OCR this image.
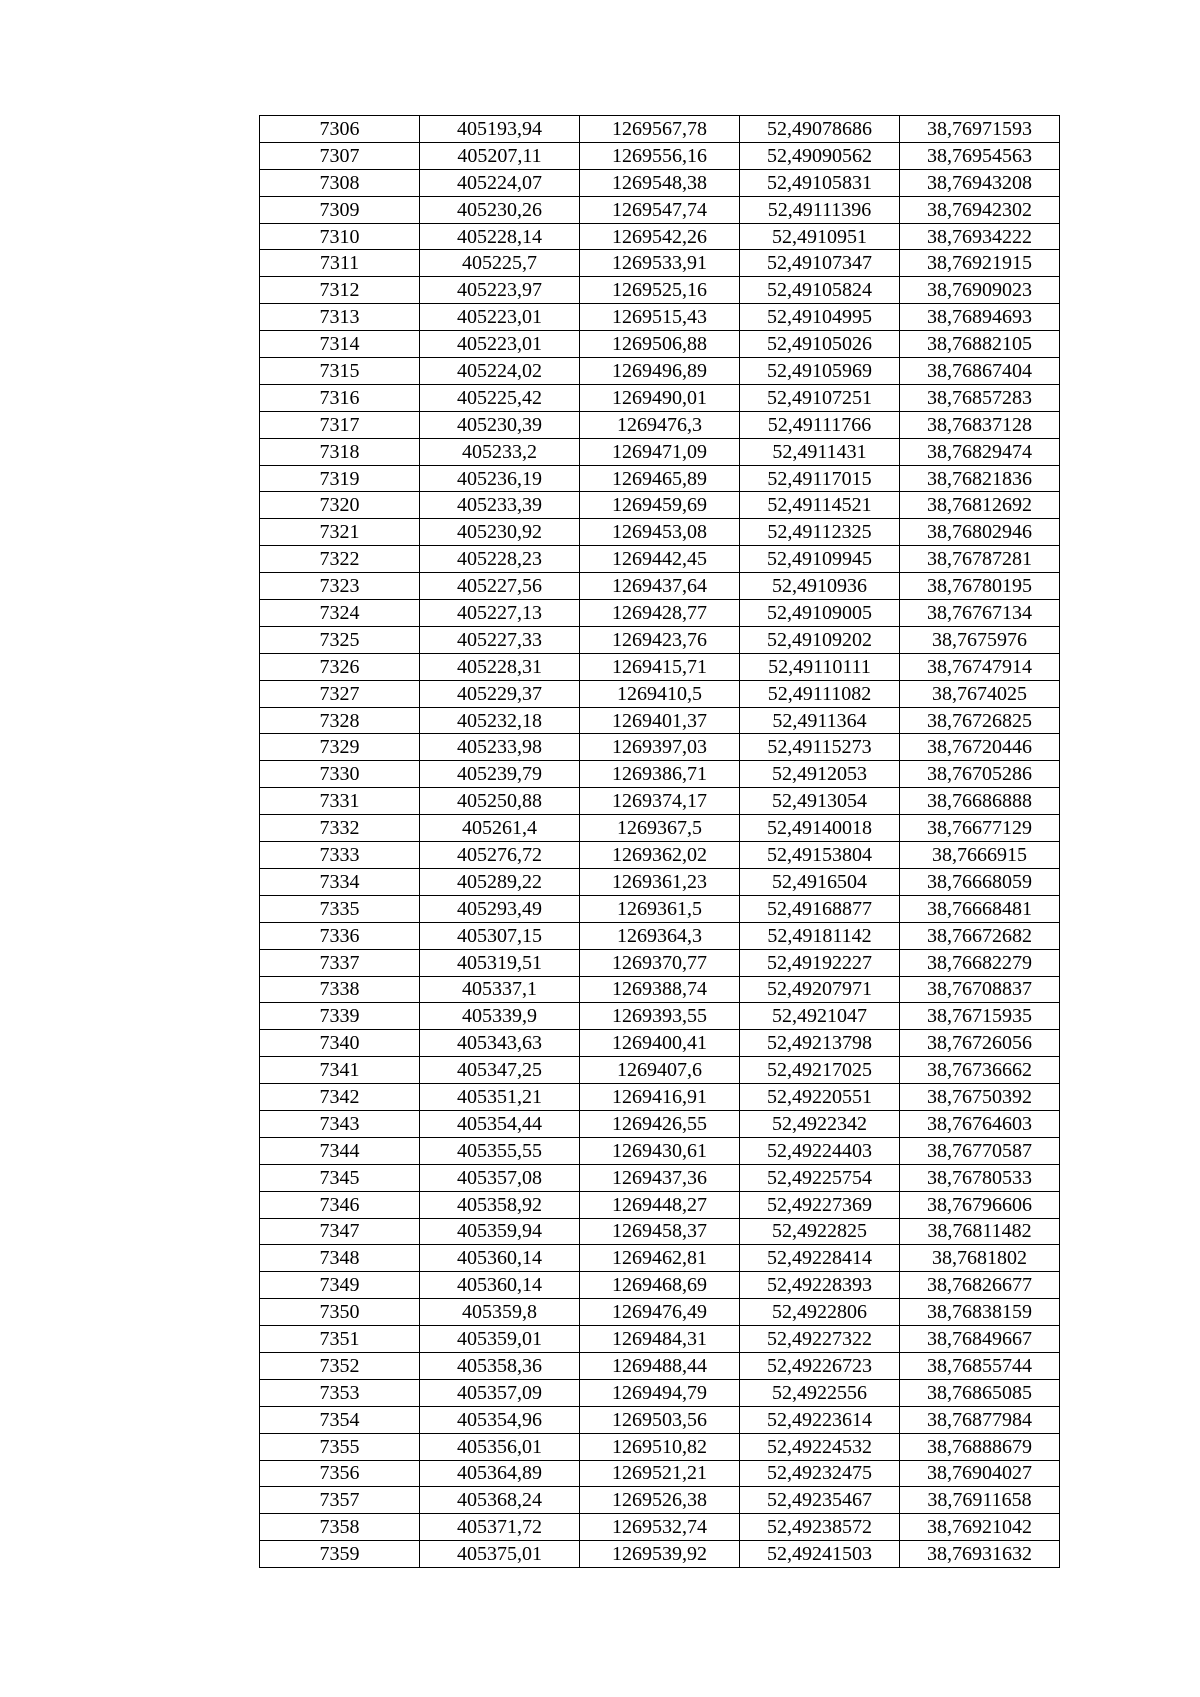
7306	405193,94	1269567,78	52,49078686	38,76971593
7307	405207,11	1269556,16	52,49090562	38,76954563
7308	405224,07	1269548,38	52,49105831	38,76943208
7309	405230,26	1269547,74	52,49111396	38,76942302
7310	405228,14	1269542,26	52,4910951	38,76934222
7311	405225,7	1269533,91	52,49107347	38,76921915
7312	405223,97	1269525,16	52,49105824	38,76909023
7313	405223,01	1269515,43	52,49104995	38,76894693
7314	405223,01	1269506,88	52,49105026	38,76882105
7315	405224,02	1269496,89	52,49105969	38,76867404
7316	405225,42	1269490,01	52,49107251	38,76857283
7317	405230,39	1269476,3	52,49111766	38,76837128
7318	405233,2	1269471,09	52,4911431	38,76829474
7319	405236,19	1269465,89	52,49117015	38,76821836
7320	405233,39	1269459,69	52,49114521	38,76812692
7321	405230,92	1269453,08	52,49112325	38,76802946
7322	405228,23	1269442,45	52,49109945	38,76787281
7323	405227,56	1269437,64	52,4910936	38,76780195
7324	405227,13	1269428,77	52,49109005	38,76767134
7325	405227,33	1269423,76	52,49109202	38,7675976
7326	405228,31	1269415,71	52,49110111	38,76747914
7327	405229,37	1269410,5	52,49111082	38,7674025
7328	405232,18	1269401,37	52,4911364	38,76726825
7329	405233,98	1269397,03	52,49115273	38,76720446
7330	405239,79	1269386,71	52,4912053	38,76705286
7331	405250,88	1269374,17	52,4913054	38,76686888
7332	405261,4	1269367,5	52,49140018	38,76677129
7333	405276,72	1269362,02	52,49153804	38,7666915
7334	405289,22	1269361,23	52,4916504	38,76668059
7335	405293,49	1269361,5	52,49168877	38,76668481
7336	405307,15	1269364,3	52,49181142	38,76672682
7337	405319,51	1269370,77	52,49192227	38,76682279
7338	405337,1	1269388,74	52,49207971	38,76708837
7339	405339,9	1269393,55	52,4921047	38,76715935
7340	405343,63	1269400,41	52,49213798	38,76726056
7341	405347,25	1269407,6	52,49217025	38,76736662
7342	405351,21	1269416,91	52,49220551	38,76750392
7343	405354,44	1269426,55	52,4922342	38,76764603
7344	405355,55	1269430,61	52,49224403	38,76770587
7345	405357,08	1269437,36	52,49225754	38,76780533
7346	405358,92	1269448,27	52,49227369	38,76796606
7347	405359,94	1269458,37	52,4922825	38,76811482
7348	405360,14	1269462,81	52,49228414	38,7681802
7349	405360,14	1269468,69	52,49228393	38,76826677
7350	405359,8	1269476,49	52,4922806	38,76838159
7351	405359,01	1269484,31	52,49227322	38,76849667
7352	405358,36	1269488,44	52,49226723	38,76855744
7353	405357,09	1269494,79	52,4922556	38,76865085
7354	405354,96	1269503,56	52,49223614	38,76877984
7355	405356,01	1269510,82	52,49224532	38,76888679
7356	405364,89	1269521,21	52,49232475	38,76904027
7357	405368,24	1269526,38	52,49235467	38,76911658
7358	405371,72	1269532,74	52,49238572	38,76921042
7359	405375,01	1269539,92	52,49241503	38,76931632
